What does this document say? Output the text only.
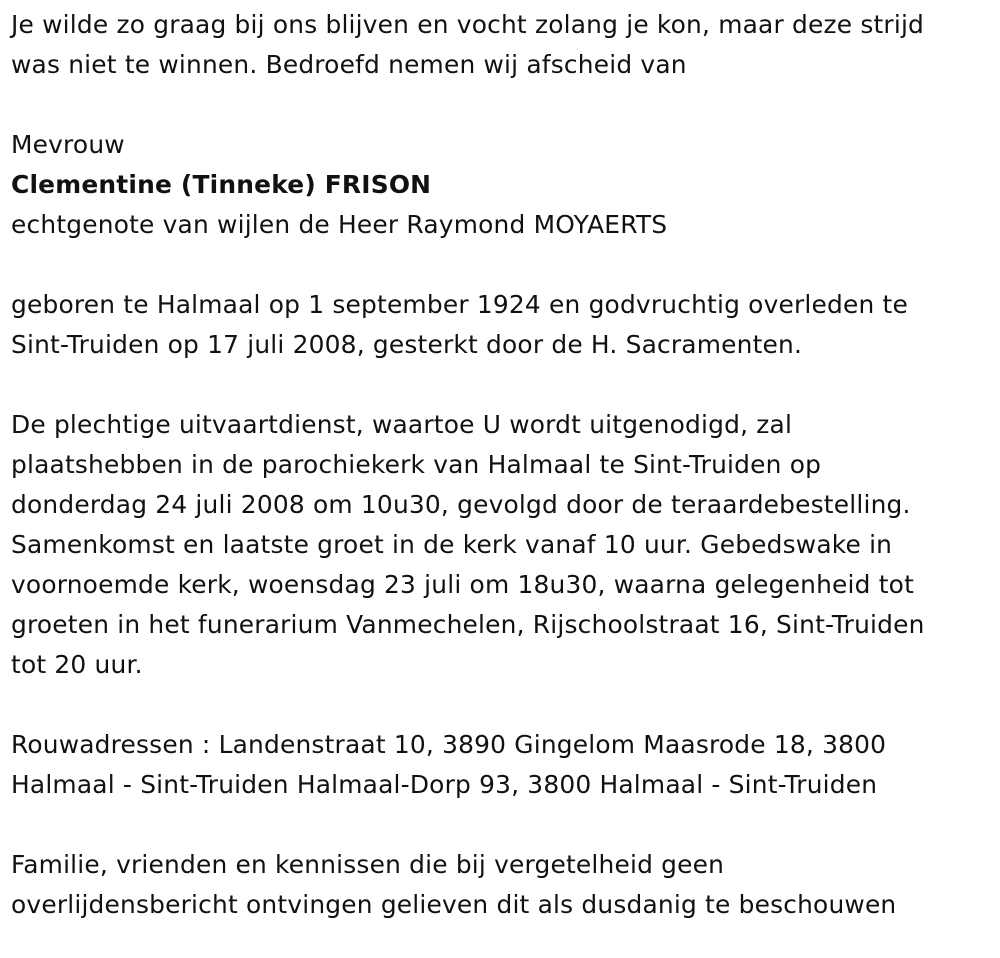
Je wilde zo graag bij ons blijven en vocht zolang je kon, maar deze strijd

was niet te winnen. Bedroefd nemen wij afscheid van

Mevrouw

Clementine (Tinneke) FRISON

echtgenote van wijlen de Heer Raymond MOYAERTS

geboren te Halmaal op 1 september 1924 en godvruchtig overleden te

Sint-Truiden op 17 juli 2008, gesterkt door de H. Sacramenten.

De plechtige uitvaartdienst, waartoe U wordt uitgenodigd, zal

plaatshebben in de parochiekerk van Halmaal te Sint-Truiden op

donderdag 24 juli 2008 om 10u30, gevolgd door de teraardebestelling.

Samenkomst en laatste groet in de kerk vanaf 10 uur. Gebedswake in

voornoemde kerk, woensdag 23 juli om 18u30, waarna gelegenheid tot

groeten in het funerarium Vanmechelen, Rijschoolstraat 16, Sint-Truiden

tot 20 uur.

Rouwadressen : Landenstraat 10, 3890 Gingelom Maasrode 18, 3800

Halmaal - Sint-Truiden Halmaal-Dorp 93, 3800 Halmaal - Sint-Truiden

Familie, vrienden en kennissen die bij vergetelheid geen

overlijdensbericht ontvingen gelieven dit als dusdanig te beschouwen
